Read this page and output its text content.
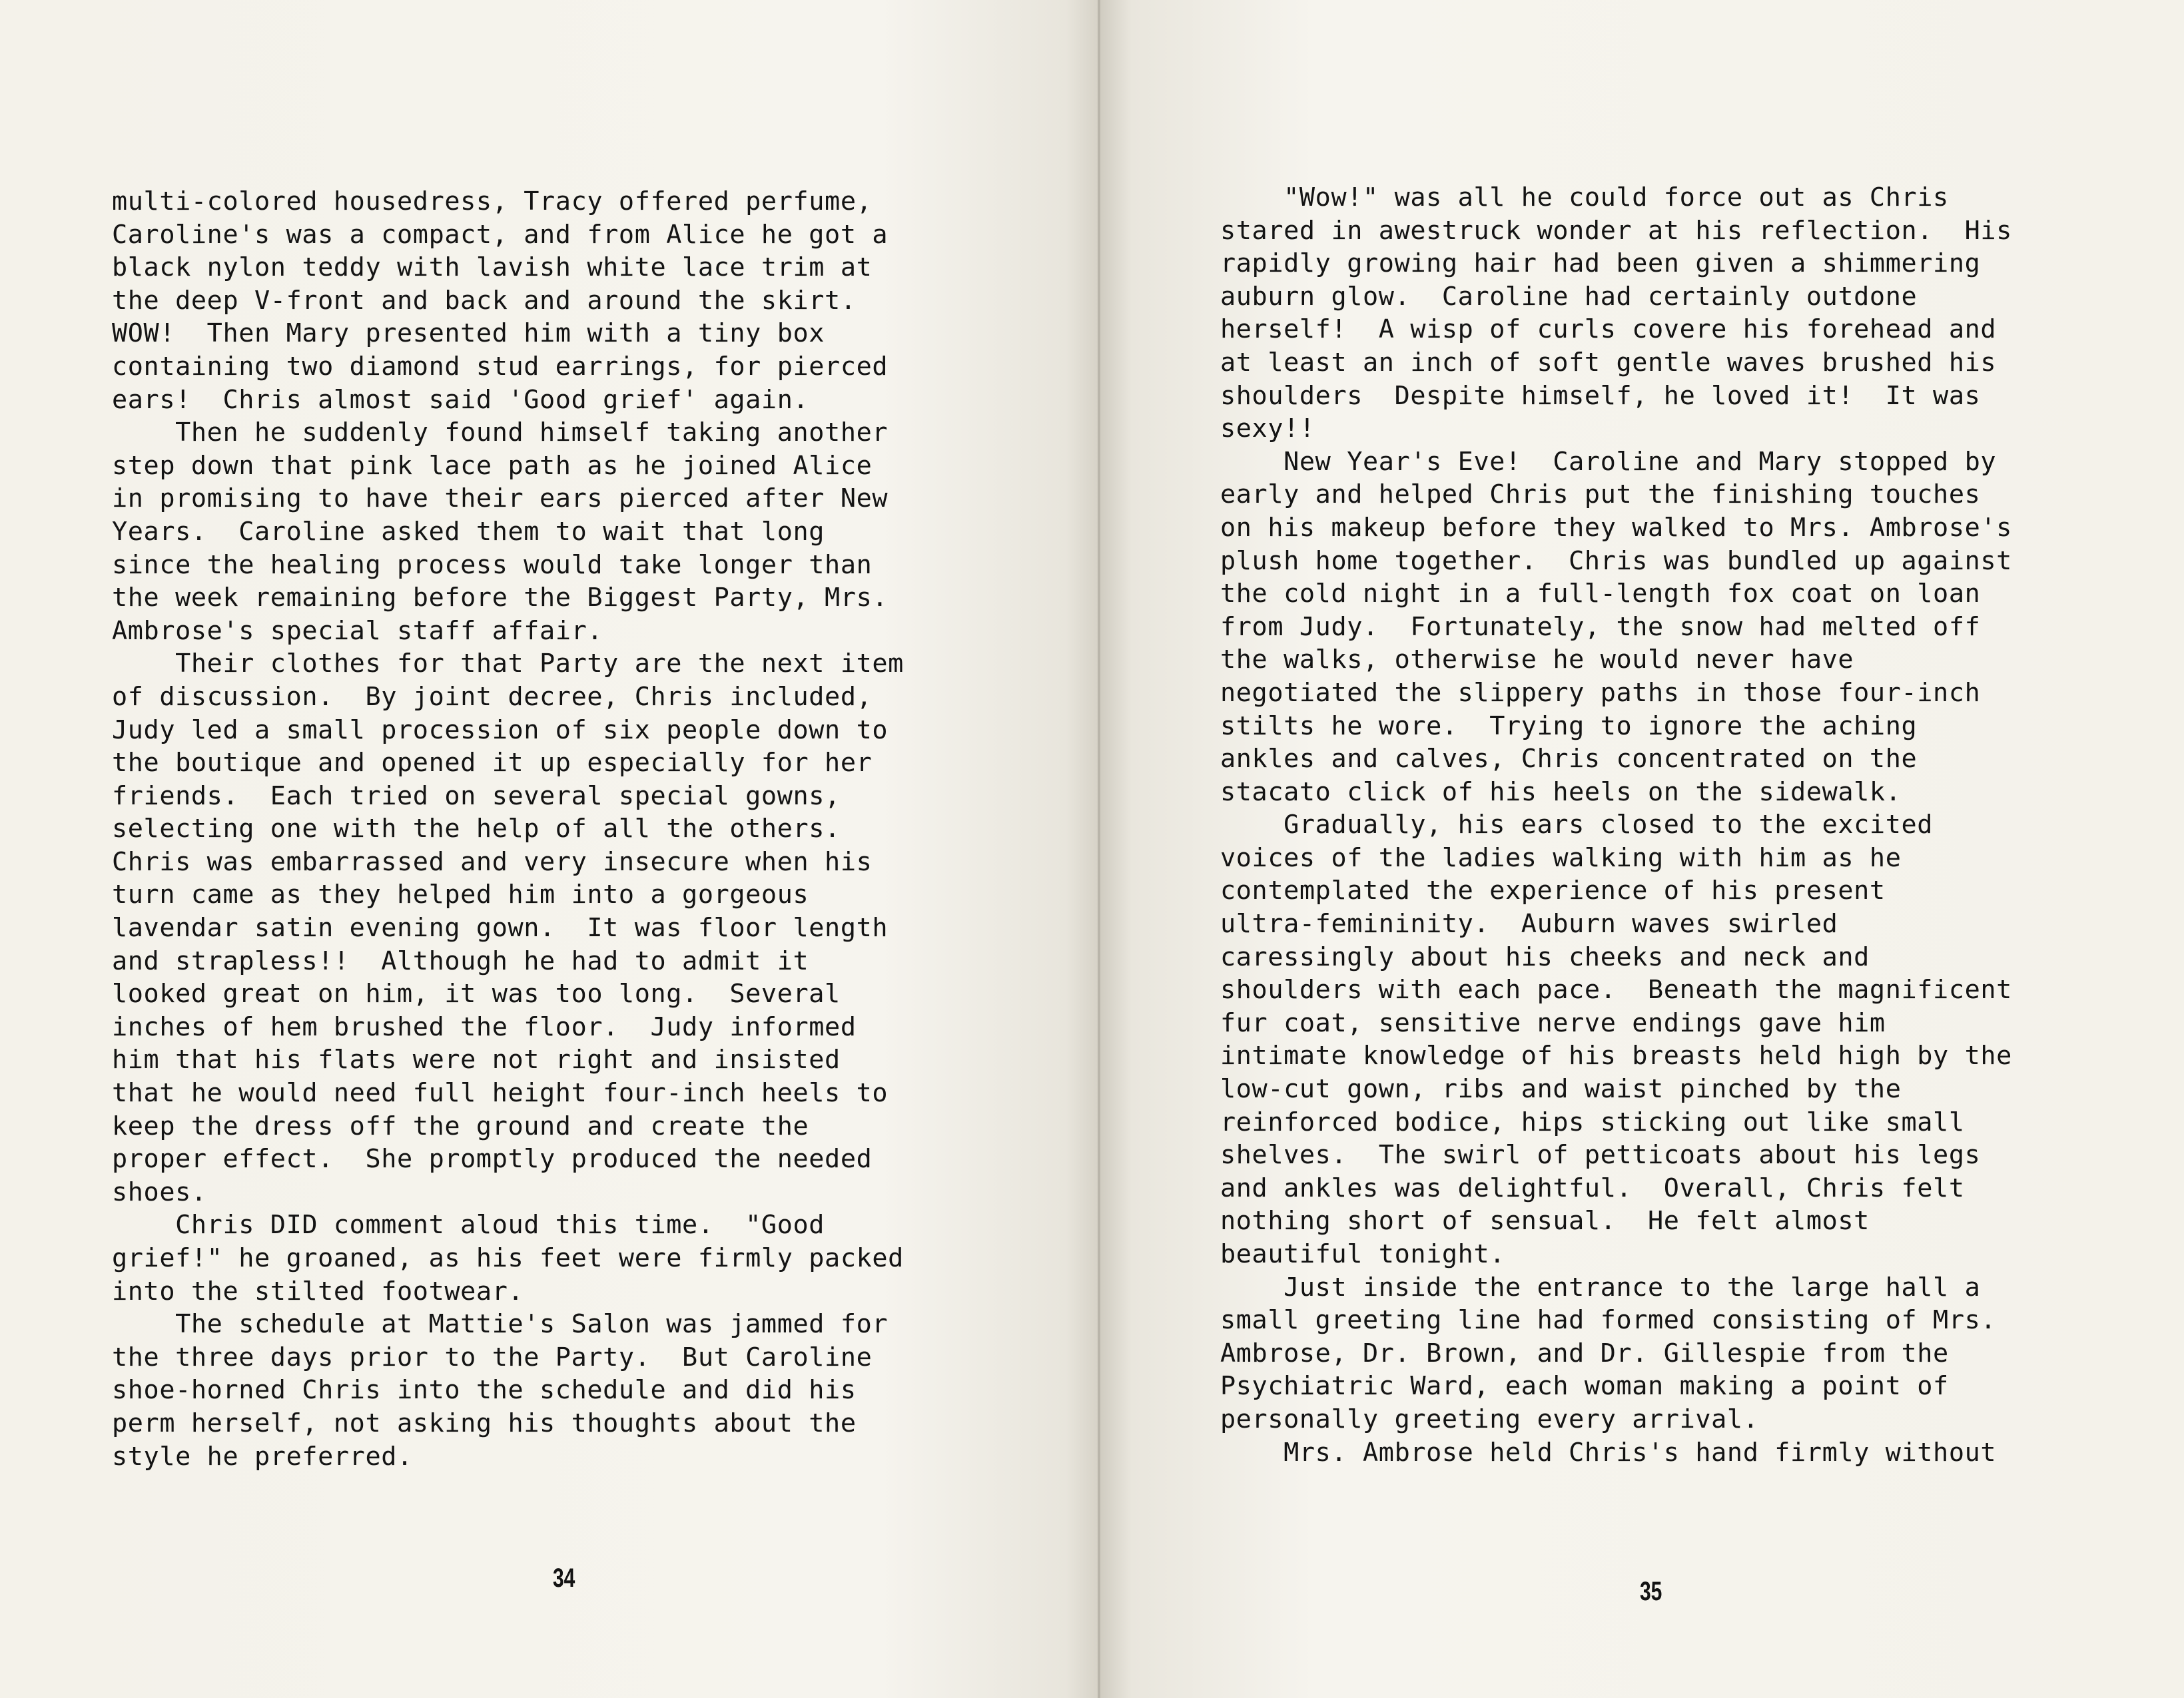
multi-colored housedress, Tracy offered perfume,
Caroline's was a compact, and from Alice he got a
black nylon teddy with lavish white lace trim at
the deep V-front and back and around the skirt.
WOW!  Then Mary presented him with a tiny box
containing two diamond stud earrings, for pierced
ears!  Chris almost said 'Good grief' again.
Then he suddenly found himself taking another
step down that pink lace path as he joined Alice
in promising to have their ears pierced after New
Years.  Caroline asked them to wait that long
since the healing process would take longer than
the week remaining before the Biggest Party, Mrs.
Ambrose's special staff affair.
Their clothes for that Party are the next item
of discussion.  By joint decree, Chris included,
Judy led a small procession of six people down to
the boutique and opened it up especially for her
friends.  Each tried on several special gowns,
selecting one with the help of all the others.
Chris was embarrassed and very insecure when his
turn came as they helped him into a gorgeous
lavendar satin evening gown.  It was floor length
and strapless!!  Although he had to admit it
looked great on him, it was too long.  Several
inches of hem brushed the floor.  Judy informed
him that his flats were not right and insisted
that he would need full height four-inch heels to
keep the dress off the ground and create the
proper effect.  She promptly produced the needed
shoes.
Chris DID comment aloud this time.  "Good
grief!" he groaned, as his feet were firmly packed
into the stilted footwear.
The schedule at Mattie's Salon was jammed for
the three days prior to the Party.  But Caroline
shoe-horned Chris into the schedule and did his
perm herself, not asking his thoughts about the
style he preferred.
"Wow!" was all he could force out as Chris
stared in awestruck wonder at his reflection.  His
rapidly growing hair had been given a shimmering
auburn glow.  Caroline had certainly outdone
herself!  A wisp of curls covere his forehead and
at least an inch of soft gentle waves brushed his
shoulders  Despite himself, he loved it!  It was
sexy!!
New Year's Eve!  Caroline and Mary stopped by
early and helped Chris put the finishing touches
on his makeup before they walked to Mrs. Ambrose's
plush home together.  Chris was bundled up against
the cold night in a full-length fox coat on loan
from Judy.  Fortunately, the snow had melted off
the walks, otherwise he would never have
negotiated the slippery paths in those four-inch
stilts he wore.  Trying to ignore the aching
ankles and calves, Chris concentrated on the
stacato click of his heels on the sidewalk.
Gradually, his ears closed to the excited
voices of the ladies walking with him as he
contemplated the experience of his present
ultra-femininity.  Auburn waves swirled
caressingly about his cheeks and neck and
shoulders with each pace.  Beneath the magnificent
fur coat, sensitive nerve endings gave him
intimate knowledge of his breasts held high by the
low-cut gown, ribs and waist pinched by the
reinforced bodice, hips sticking out like small
shelves.  The swirl of petticoats about his legs
and ankles was delightful.  Overall, Chris felt
nothing short of sensual.  He felt almost
beautiful tonight.
Just inside the entrance to the large hall a
small greeting line had formed consisting of Mrs.
Ambrose, Dr. Brown, and Dr. Gillespie from the
Psychiatric Ward, each woman making a point of
personally greeting every arrival.
Mrs. Ambrose held Chris's hand firmly without
34	35
